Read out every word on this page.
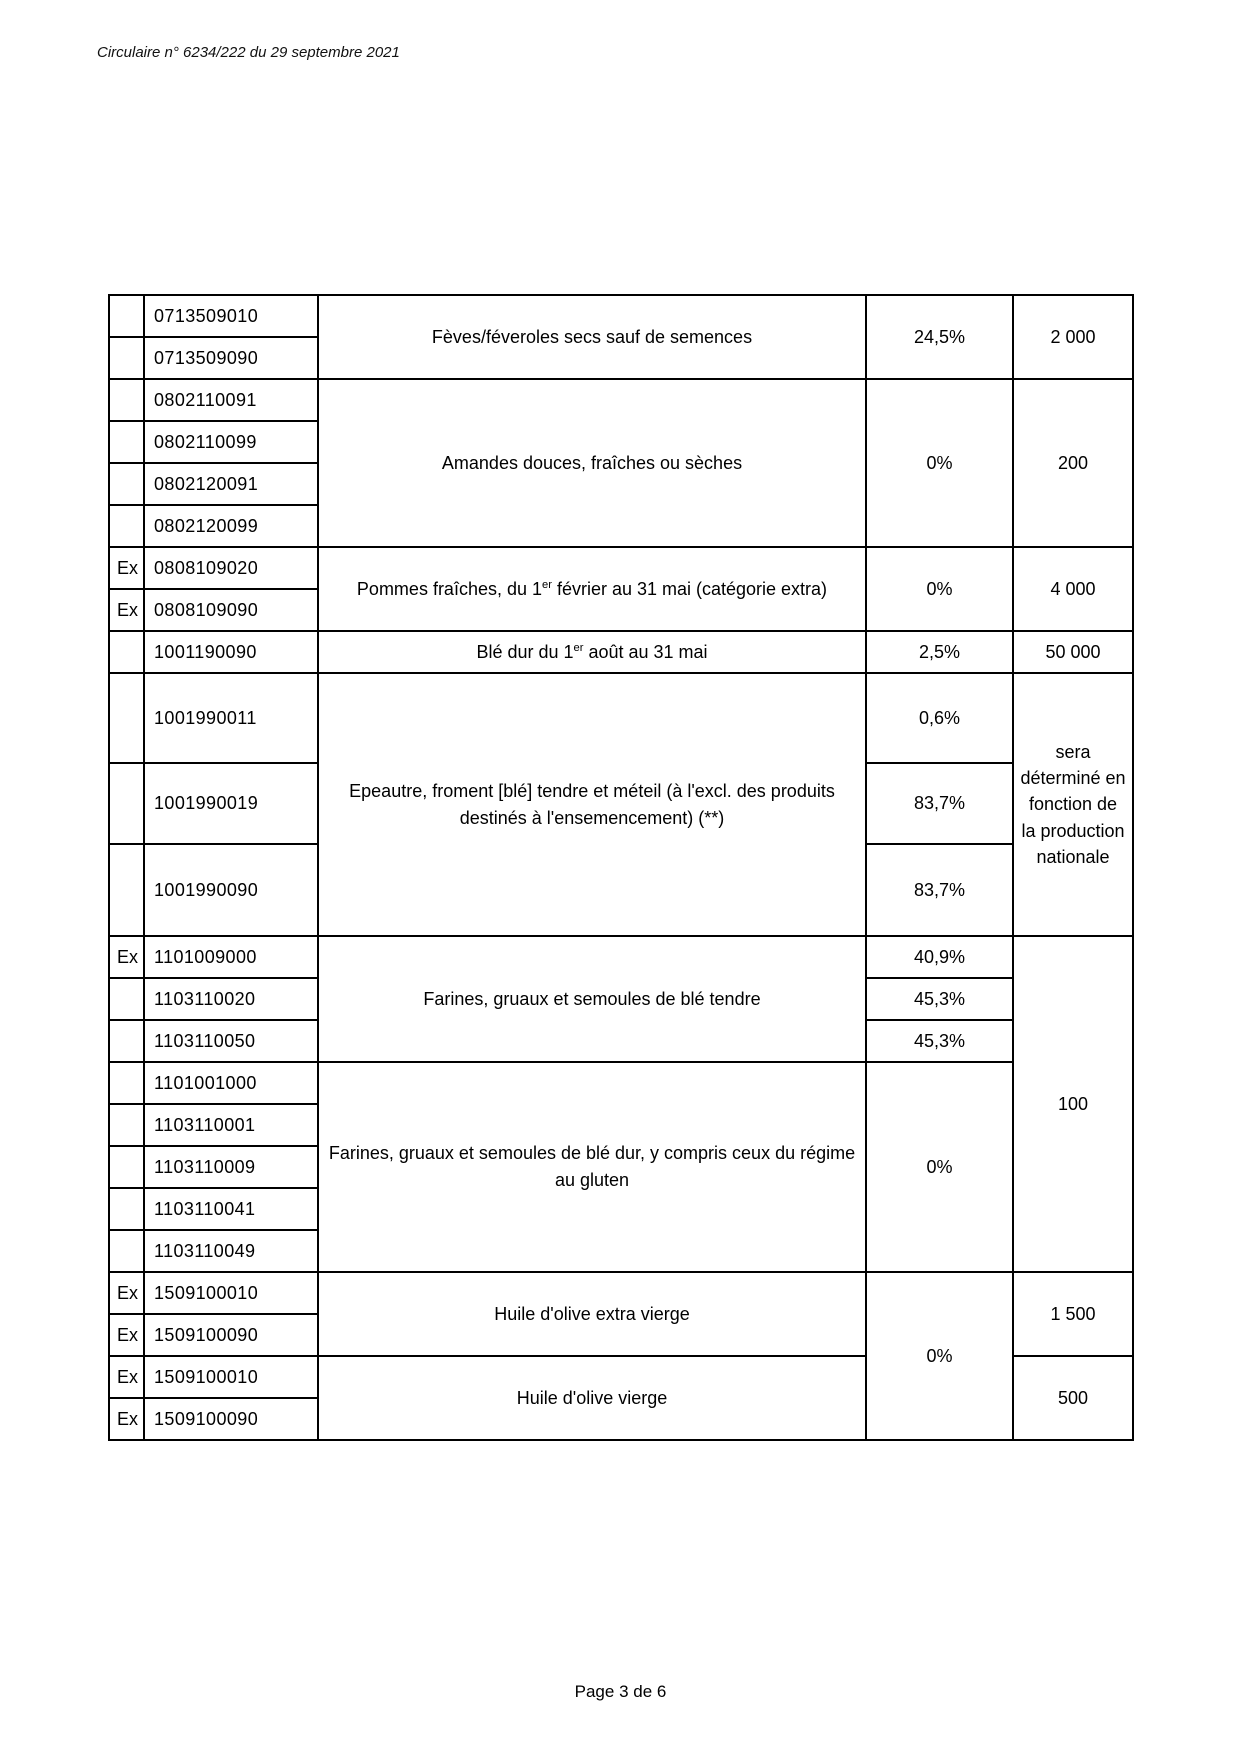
Circulaire n° 6234/222 du 29 septembre 2021
	0713509010	Fèves/féveroles secs sauf de semences	24,5%	2 000
	0713509090			
	0802110091	Amandes douces, fraîches ou sèches	0%	200
	0802110099			
	0802120091			
	0802120099			
Ex	0808109020	Pommes fraîches, du 1er février au 31 mai (catégorie extra)	0%	4 000
Ex	0808109090			
	1001190090	Blé dur du 1er août au 31 mai	2,5%	50 000
	1001990011	Epeautre, froment [blé] tendre et méteil (à l'excl. des produits destinés à l'ensemencement) (**)	0,6%	sera déterminé en fonction de la production nationale
	1001990019		83,7%	
	1001990090		83,7%	
Ex	1101009000	Farines, gruaux et semoules de blé tendre	40,9%	100
	1103110020		45,3%	
	1103110050		45,3%	
	1101001000	Farines, gruaux et semoules de blé dur, y compris ceux du régime au gluten	0%	
	1103110001			
	1103110009			
	1103110041			
	1103110049			
Ex	1509100010	Huile d'olive extra vierge	0%	1 500
Ex	1509100090			
Ex	1509100010	Huile d'olive vierge		500
Ex	1509100090			
Page 3 de 6
